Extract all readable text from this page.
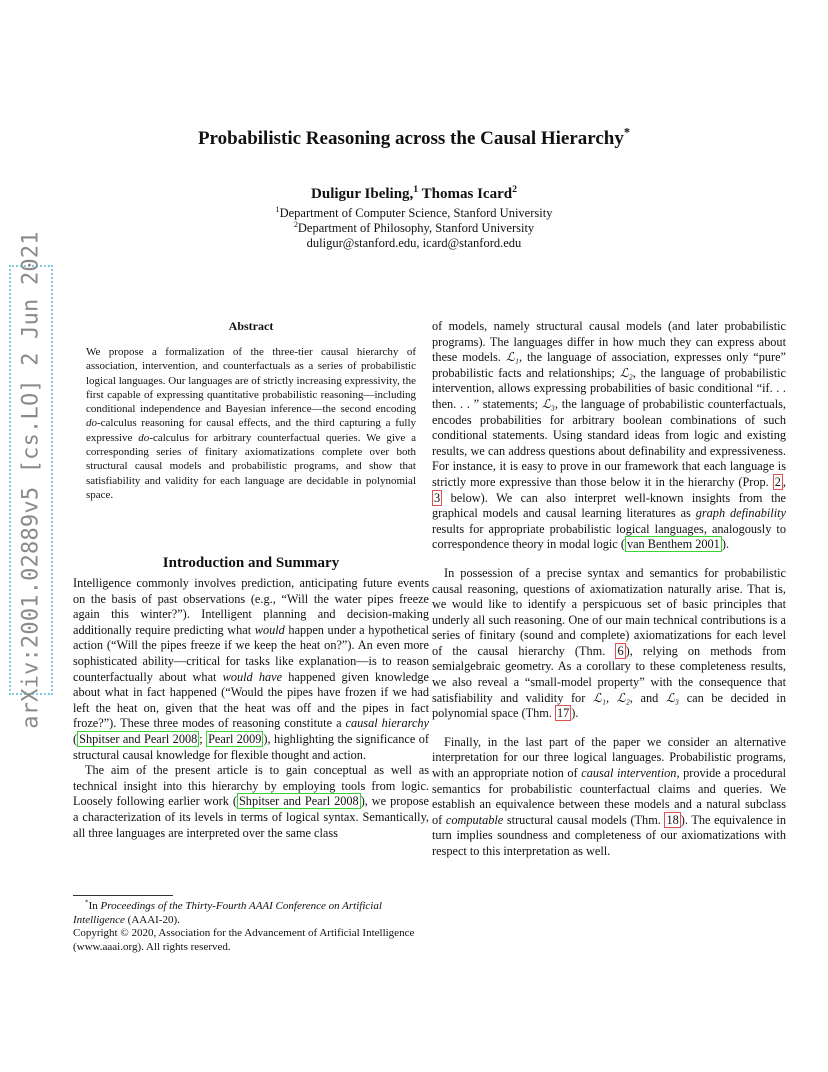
arXiv:2001.02889v5 [cs.LO] 2 Jun 2021
Probabilistic Reasoning across the Causal Hierarchy*
Duligur Ibeling,$^1$ Thomas Icard$^2$
$^1$Department of Computer Science, Stanford University
$^2$Department of Philosophy, Stanford University
duligur@stanford.edu, icard@stanford.edu
Abstract
We propose a formalization of the three-tier causal hierarchy of association, intervention, and counterfactuals as a series of probabilistic logical languages. Our languages are of strictly increasing expressivity, the first capable of expressing quantitative probabilistic reasoning—including conditional independence and Bayesian inference—the second encoding do-calculus reasoning for causal effects, and the third capturing a fully expressive do-calculus for arbitrary counterfactual queries. We give a corresponding series of finitary axiomatizations complete over both structural causal models and probabilistic programs, and show that satisfiability and validity for each language are decidable in polynomial space.
Introduction and Summary

Intelligence commonly involves prediction, anticipating future events on the basis of past observations (e.g., “Will the water pipes freeze again this winter?”). Intelligent planning and decision-making additionally require predicting what would happen under a hypothetical action (“Will the pipes freeze if we keep the heat on?”). An even more sophisticated ability—critical for tasks like explanation—is to reason counterfactually about what would have happened given knowledge about what in fact happened (“Would the pipes have frozen if we had left the heat on, given that the heat was off and the pipes in fact froze?”). These three modes of reasoning constitute a causal hierarchy ( Shpitser and Pearl 2008 ; Pearl 2009 ), highlighting the significance of structural causal knowledge for flexible thought and action.

The aim of the present article is to gain conceptual as well as technical insight into this hierarchy by employing tools from logic. Loosely following earlier work ( Shpitser and Pearl 2008 ), we propose a characterization of its levels in terms of logical syntax. Semantically, all three languages are interpreted over the same class

*In Proceedings of the Thirty-Fourth AAAI Conference on Artificial Intelligence (AAAI-20).

Copyright © 2020, Association for the Advancement of Artificial Intelligence (www.aaai.org). All rights reserved.

of models, namely structural causal models (and later probabilistic programs). The languages differ in how much they can express about these models. ℒ₁, the language of association, expresses only “pure” probabilistic facts and relationships; ℒ₂, the language of probabilistic intervention, allows expressing probabilities of basic conditional “if. . . then. . . ” statements; ℒ₃, the language of probabilistic counterfactuals, encodes probabilities for arbitrary boolean combinations of such conditional statements. Using standard ideas from logic and existing results, we can address questions about definability and expressiveness. For instance, it is easy to prove in our framework that each language is strictly more expressive than those below it in the hierarchy (Prop. 2 , 3 below). We can also interpret well-known insights from the graphical models and causal learning literatures as graph definability results for appropriate probabilistic logical languages, analogously to correspondence theory in modal logic ( van Benthem 2001 ).

In possession of a precise syntax and semantics for probabilistic causal reasoning, questions of axiomatization naturally arise. That is, we would like to identify a perspicuous set of basic principles that underly all such reasoning. One of our main technical contributions is a series of finitary (sound and complete) axiomatizations for each level of the causal hierarchy (Thm. 6 ), relying on methods from semialgebraic geometry. As a corollary to these completeness results, we also reveal a “small-model property” with the consequence that satisfiability and validity for ℒ₁, ℒ₂, and ℒ₃ can be decided in polynomial space (Thm. 17 ).

Finally, in the last part of the paper we consider an alternative interpretation for our three logical languages. Probabilistic programs, with an appropriate notion of causal intervention, provide a procedural semantics for probabilistic counterfactual claims and queries. We establish an equivalence between these models and a natural subclass of computable structural causal models (Thm. 18 ). The equivalence in turn implies soundness and completeness of our axiomatizations with respect to this interpretation as well.
